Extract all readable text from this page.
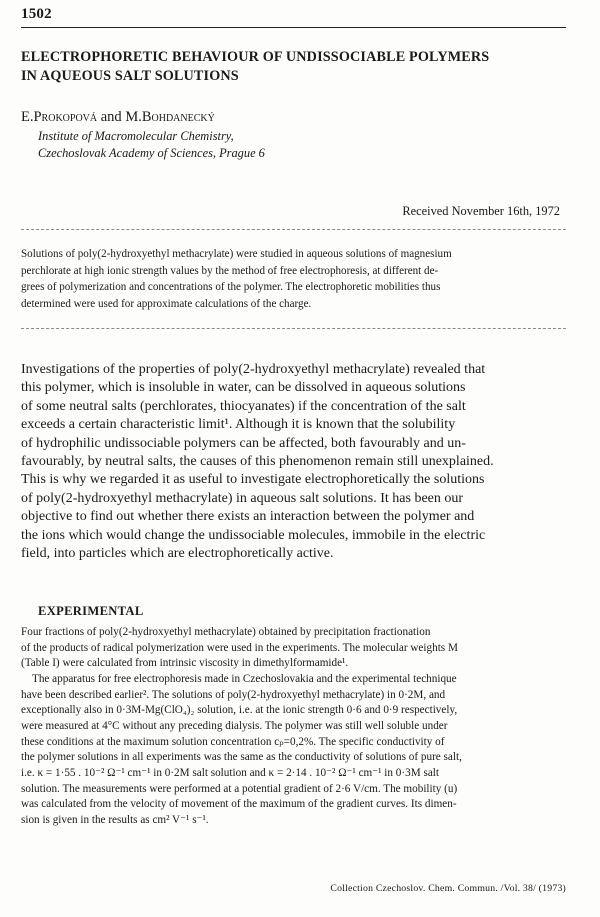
1502
ELECTROPHORETIC BEHAVIOUR OF UNDISSOCIABLE POLYMERS
IN AQUEOUS SALT SOLUTIONS
E.Prokopová and M.Bohdanecký
Institute of Macromolecular Chemistry,
Czechoslovak Academy of Sciences, Prague 6
Received November 16th, 1972
Solutions of poly(2-hydroxyethyl methacrylate) were studied in aqueous solutions of magnesium
perchlorate at high ionic strength values by the method of free electrophoresis, at different de-
grees of polymerization and concentrations of the polymer. The electrophoretic mobilities thus
determined were used for approximate calculations of the charge.
Investigations of the properties of poly(2-hydroxyethyl methacrylate) revealed that
this polymer, which is insoluble in water, can be dissolved in aqueous solutions
of some neutral salts (perchlorates, thiocyanates) if the concentration of the salt
exceeds a certain characteristic limit¹. Although it is known that the solubility
of hydrophilic undissociable polymers can be affected, both favourably and un-
favourably, by neutral salts, the causes of this phenomenon remain still unexplained.
This is why we regarded it as useful to investigate electrophoretically the solutions
of poly(2-hydroxyethyl methacrylate) in aqueous salt solutions. It has been our
objective to find out whether there exists an interaction between the polymer and
the ions which would change the undissociable molecules, immobile in the electric
field, into particles which are electrophoretically active.
EXPERIMENTAL
Four fractions of poly(2-hydroxyethyl methacrylate) obtained by precipitation fractionation
of the products of radical polymerization were used in the experiments. The molecular weights M
(Table I) were calculated from intrinsic viscosity in dimethylformamide¹.
The apparatus for free electrophoresis made in Czechoslovakia and the experimental technique
have been described earlier². The solutions of poly(2-hydroxyethyl methacrylate) in 0·2M, and
exceptionally also in 0·3M-Mg(ClO₄)₂ solution, i.e. at the ionic strength 0·6 and 0·9 respectively,
were measured at 4°C without any preceding dialysis. The polymer was still well soluble under
these conditions at the maximum solution concentration cₚ=0,2%. The specific conductivity of
the polymer solutions in all experiments was the same as the conductivity of solutions of pure salt,
i.e. κ = 1·55 . 10⁻² Ω⁻¹ cm⁻¹ in 0·2M salt solution and κ = 2·14 . 10⁻² Ω⁻¹ cm⁻¹ in 0·3M salt
solution. The measurements were performed at a potential gradient of 2·6 V/cm. The mobility (u)
was calculated from the velocity of movement of the maximum of the gradient curves. Its dimen-
sion is given in the results as cm² V⁻¹ s⁻¹.
Collection Czechoslov. Chem. Commun. /Vol. 38/ (1973)
